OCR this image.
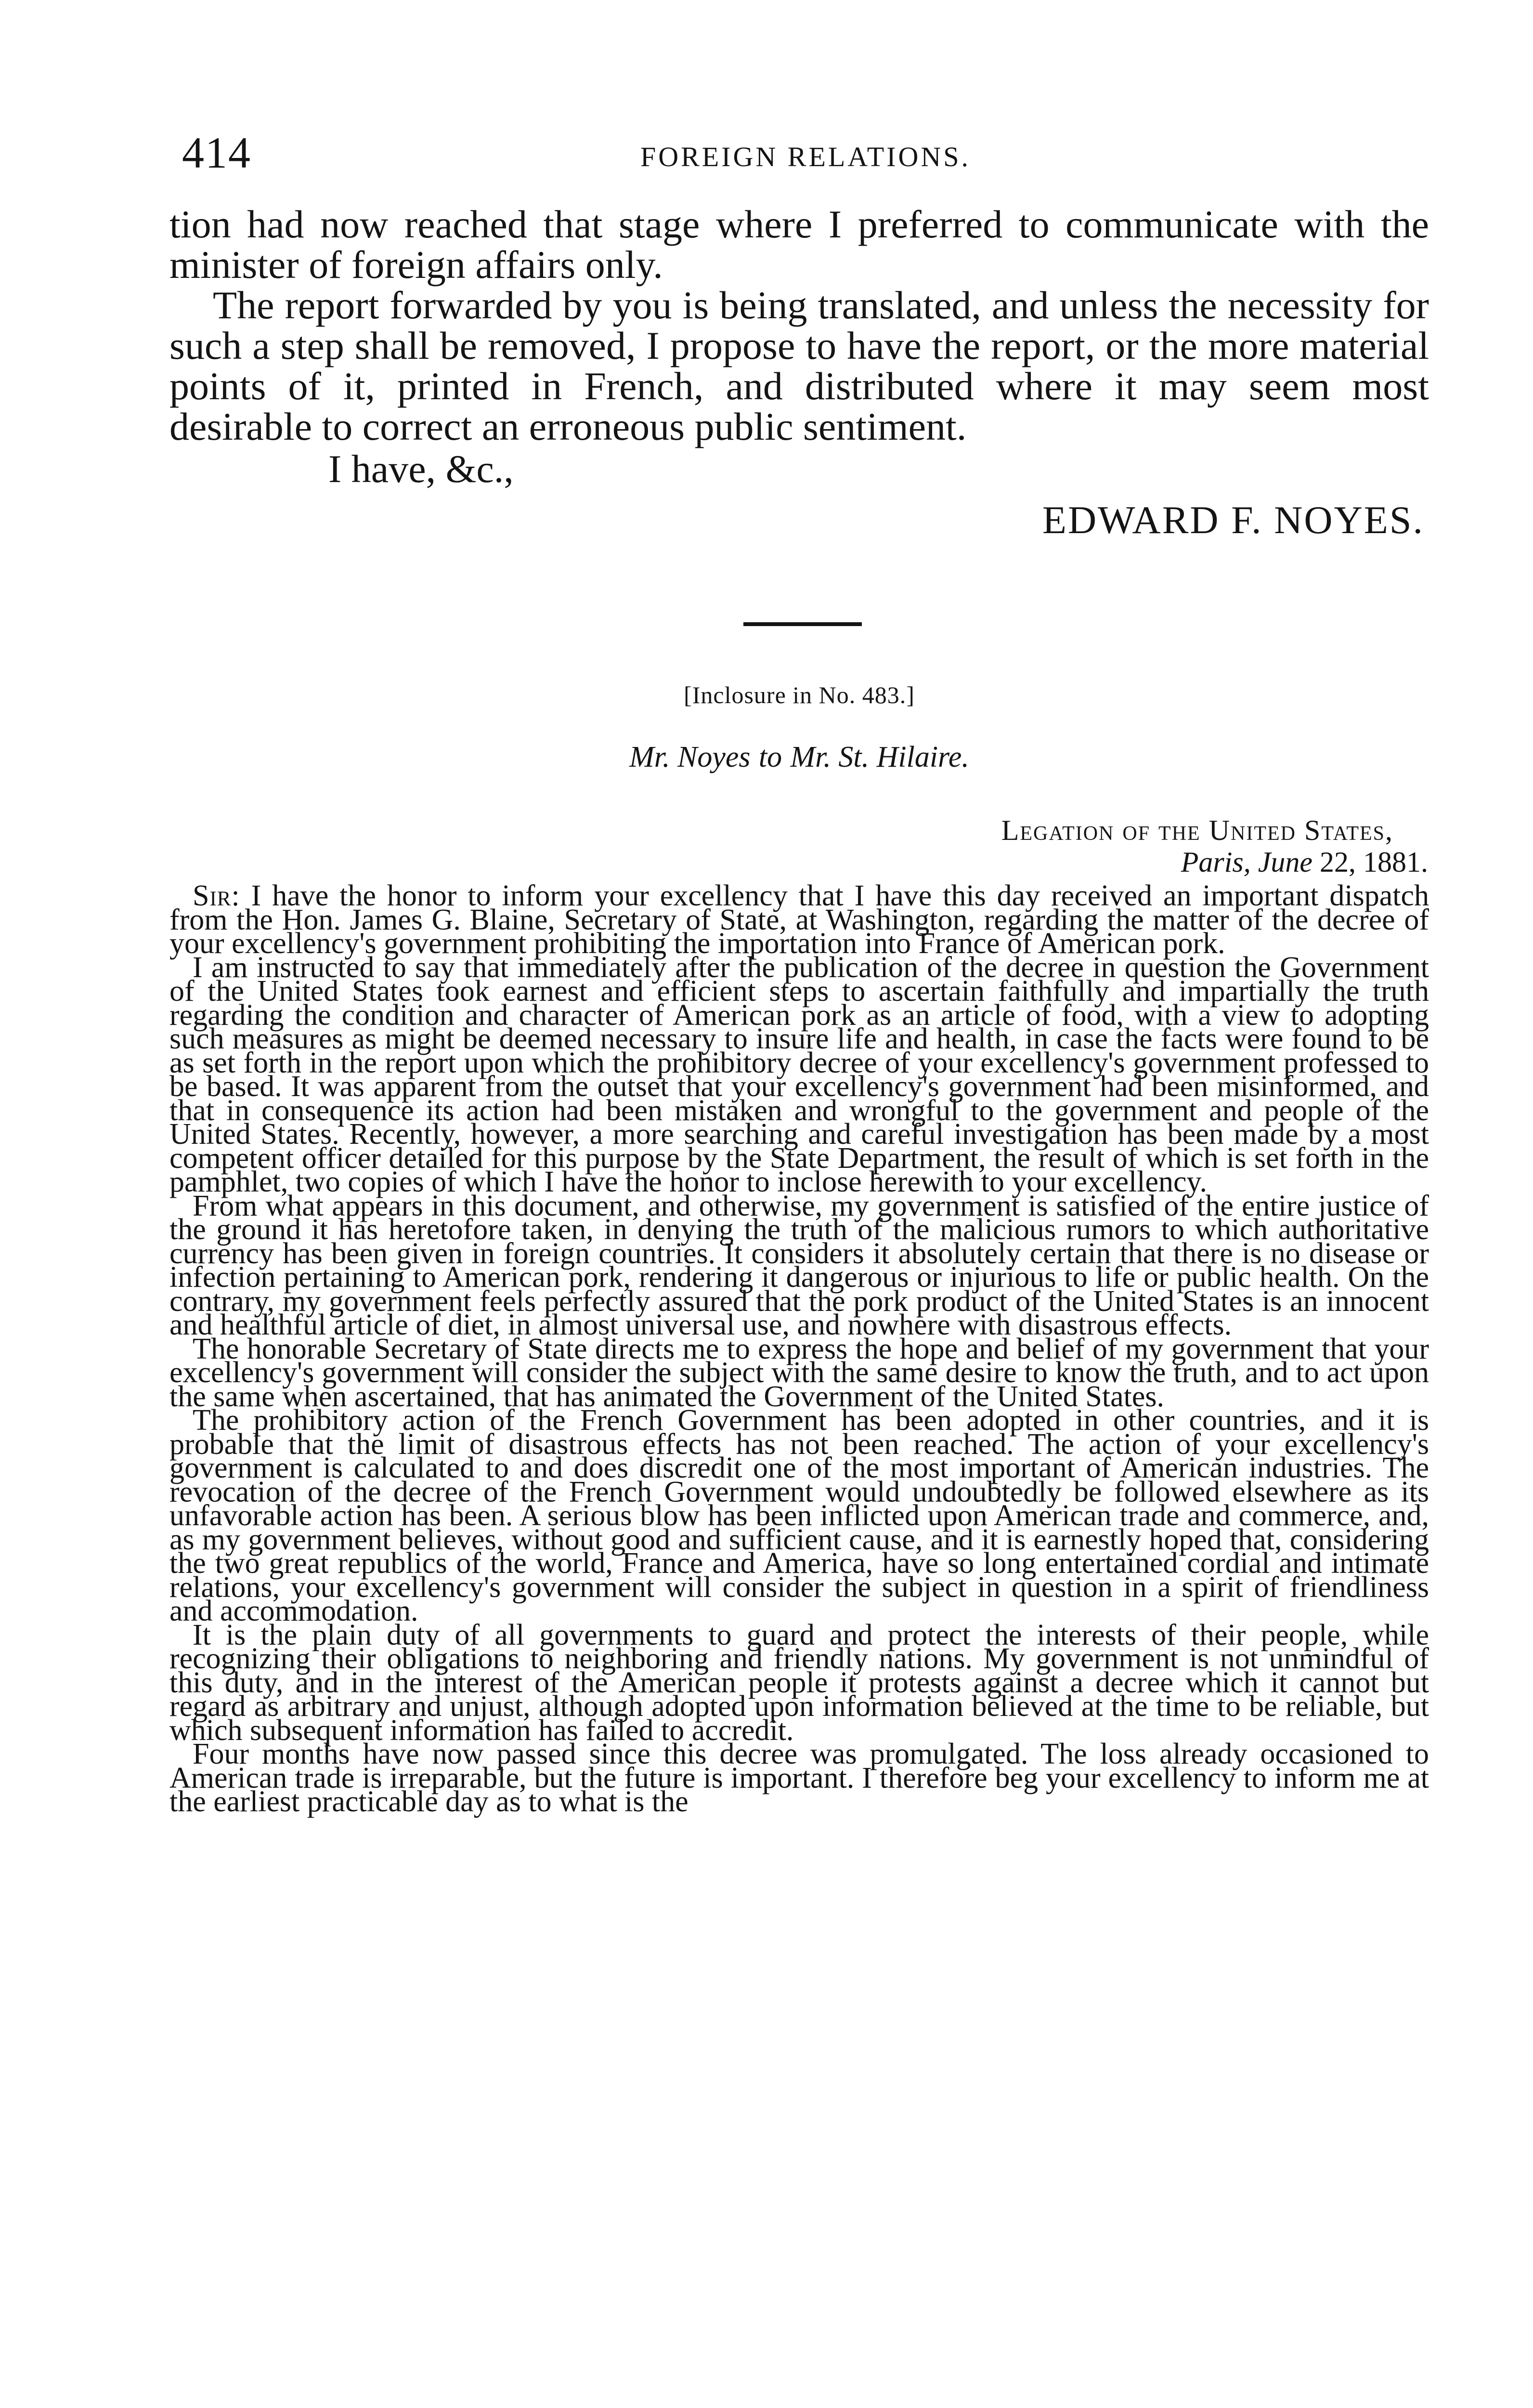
414	FOREIGN RELATIONS.

tion had now reached that stage where I preferred to communicate with the minister of foreign affairs only.

The report forwarded by you is being translated, and unless the necessity for such a step shall be removed, I propose to have the report, or the more material points of it, printed in French, and distributed where it may seem most desirable to correct an erroneous public sentiment.

I have, &c.,

EDWARD F. NOYES.

[Inclosure in No. 483.]
Mr. Noyes to Mr. St. Hilaire.
Legation of the United States,
Paris, June 22, 1881.

Sir: I have the honor to inform your excellency that I have this day received an important dispatch from the Hon. James G. Blaine, Secretary of State, at Washington, regarding the matter of the decree of your excellency's government prohibiting the importation into France of American pork.

I am instructed to say that immediately after the publication of the decree in question the Government of the United States took earnest and efficient steps to ascertain faithfully and impartially the truth regarding the condition and character of American pork as an article of food, with a view to adopting such measures as might be deemed necessary to insure life and health, in case the facts were found to be as set forth in the report upon which the prohibitory decree of your excellency's government professed to be based. It was apparent from the outset that your excellency's government had been misinformed, and that in consequence its action had been mistaken and wrongful to the government and people of the United States. Recently, however, a more searching and careful investigation has been made by a most competent officer detailed for this purpose by the State Department, the result of which is set forth in the pamphlet, two copies of which I have the honor to inclose herewith to your excellency.

From what appears in this document, and otherwise, my government is satisfied of the entire justice of the ground it has heretofore taken, in denying the truth of the malicious rumors to which authoritative currency has been given in foreign countries. It considers it absolutely certain that there is no disease or infection pertaining to American pork, rendering it dangerous or injurious to life or public health. On the contrary, my government feels perfectly assured that the pork product of the United States is an innocent and healthful article of diet, in almost universal use, and nowhere with disastrous effects.

The honorable Secretary of State directs me to express the hope and belief of my government that your excellency's government will consider the subject with the same desire to know the truth, and to act upon the same when ascertained, that has animated the Government of the United States.

The prohibitory action of the French Government has been adopted in other countries, and it is probable that the limit of disastrous effects has not been reached. The action of your excellency's government is calculated to and does discredit one of the most important of American industries. The revocation of the decree of the French Government would undoubtedly be followed elsewhere as its unfavorable action has been. A serious blow has been inflicted upon American trade and commerce, and, as my government believes, without good and sufficient cause, and it is earnestly hoped that, considering the two great republics of the world, France and America, have so long entertained cordial and intimate relations, your excellency's government will consider the subject in question in a spirit of friendliness and accommodation.

It is the plain duty of all governments to guard and protect the interests of their people, while recognizing their obligations to neighboring and friendly nations. My government is not unmindful of this duty, and in the interest of the American people it protests against a decree which it cannot but regard as arbitrary and unjust, although adopted upon information believed at the time to be reliable, but which subsequent information has failed to accredit.

Four months have now passed since this decree was promulgated. The loss already occasioned to American trade is irreparable, but the future is important. I therefore beg your excellency to inform me at the earliest practicable day as to what is the
